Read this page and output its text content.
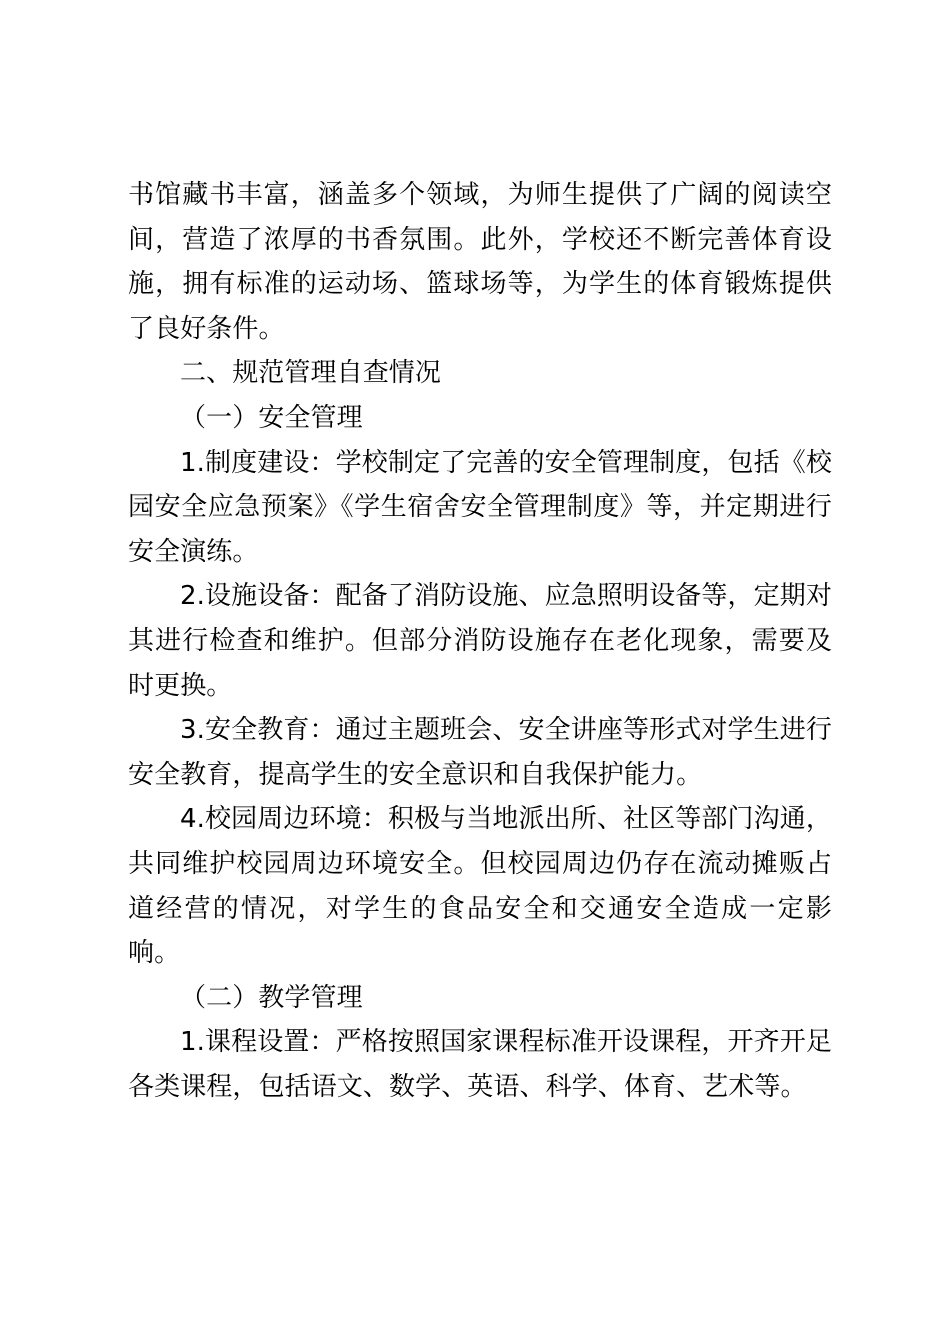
书馆藏书丰富，涵盖多个领域，为师生提供了广阔的阅读空间，营造了浓厚的书香氛围。此外，学校还不断完善体育设施，拥有标准的运动场、篮球场等，为学生的体育锻炼提供了良好条件。

二、规范管理自查情况

（一）安全管理

1.制度建设：学校制定了完善的安全管理制度，包括《校园安全应急预案》《学生宿舍安全管理制度》等，并定期进行安全演练。

2.设施设备：配备了消防设施、应急照明设备等，定期对其进行检查和维护。但部分消防设施存在老化现象，需要及时更换。

3.安全教育：通过主题班会、安全讲座等形式对学生进行安全教育，提高学生的安全意识和自我保护能力。

4.校园周边环境：积极与当地派出所、社区等部门沟通，共同维护校园周边环境安全。但校园周边仍存在流动摊贩占道经营的情况，对学生的食品安全和交通安全造成一定影响。

（二）教学管理

1.课程设置：严格按照国家课程标准开设课程，开齐开足各类课程，包括语文、数学、英语、科学、体育、艺术等。
